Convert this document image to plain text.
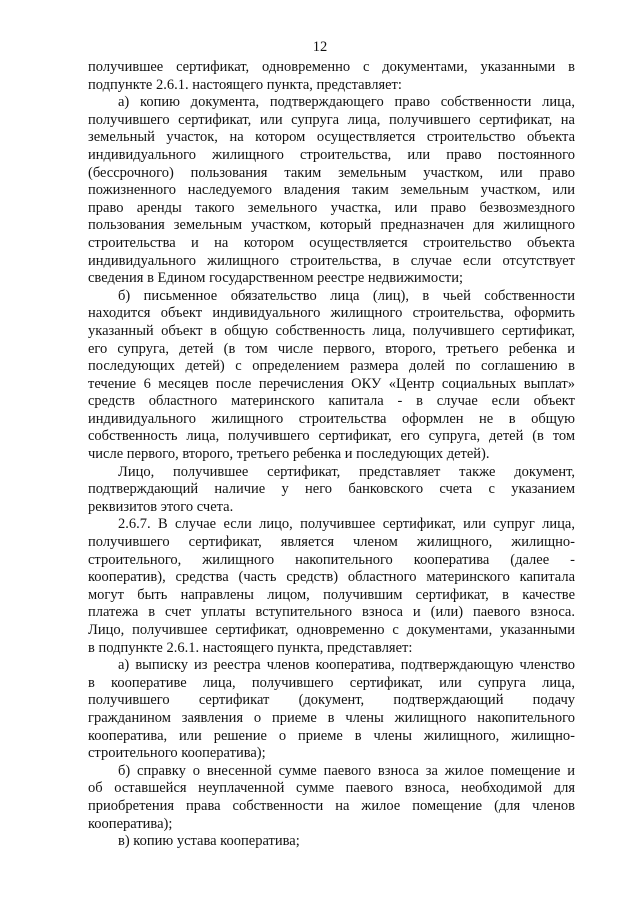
12
получившее сертификат, одновременно с документами, указанными в
подпункте 2.6.1. настоящего пункта, представляет:
а) копию документа, подтверждающего право собственности лица,
получившего сертификат, или супруга лица, получившего сертификат, на
земельный участок, на котором осуществляется строительство объекта
индивидуального жилищного строительства, или право постоянного
(бессрочного) пользования таким земельным участком, или право
пожизненного наследуемого владения таким земельным участком, или
право аренды такого земельного участка, или право безвозмездного
пользования земельным участком, который предназначен для жилищного
строительства и на котором осуществляется строительство объекта
индивидуального жилищного строительства, в случае если отсутствует
сведения в Едином государственном реестре недвижимости;
б) письменное обязательство лица (лиц), в чьей собственности
находится объект индивидуального жилищного строительства, оформить
указанный объект в общую собственность лица, получившего сертификат,
его супруга, детей (в том числе первого, второго, третьего ребенка и
последующих детей) с определением размера долей по соглашению в
течение 6 месяцев после перечисления ОКУ «Центр социальных выплат»
средств областного материнского капитала - в случае если объект
индивидуального жилищного строительства оформлен не в общую
собственность лица, получившего сертификат, его супруга, детей (в том
числе первого, второго, третьего ребенка и последующих детей).
Лицо, получившее сертификат, представляет также документ,
подтверждающий наличие у него банковского счета с указанием
реквизитов этого счета.
2.6.7. В случае если лицо, получившее сертификат, или супруг лица,
получившего сертификат, является членом жилищного, жилищно-
строительного, жилищного накопительного кооператива (далее -
кооператив), средства (часть средств) областного материнского капитала
могут быть направлены лицом, получившим сертификат, в качестве
платежа в счет уплаты вступительного взноса и (или) паевого взноса.
Лицо, получившее сертификат, одновременно с документами, указанными
в подпункте 2.6.1. настоящего пункта, представляет:
а) выписку из реестра членов кооператива, подтверждающую членство
в кооперативе лица, получившего сертификат, или супруга лица,
получившего сертификат (документ, подтверждающий подачу
гражданином заявления о приеме в члены жилищного накопительного
кооператива, или решение о приеме в члены жилищного, жилищно-
строительного кооператива);
б) справку о внесенной сумме паевого взноса за жилое помещение и
об оставшейся неуплаченной сумме паевого взноса, необходимой для
приобретения права собственности на жилое помещение (для членов
кооператива);
в) копию устава кооператива;
